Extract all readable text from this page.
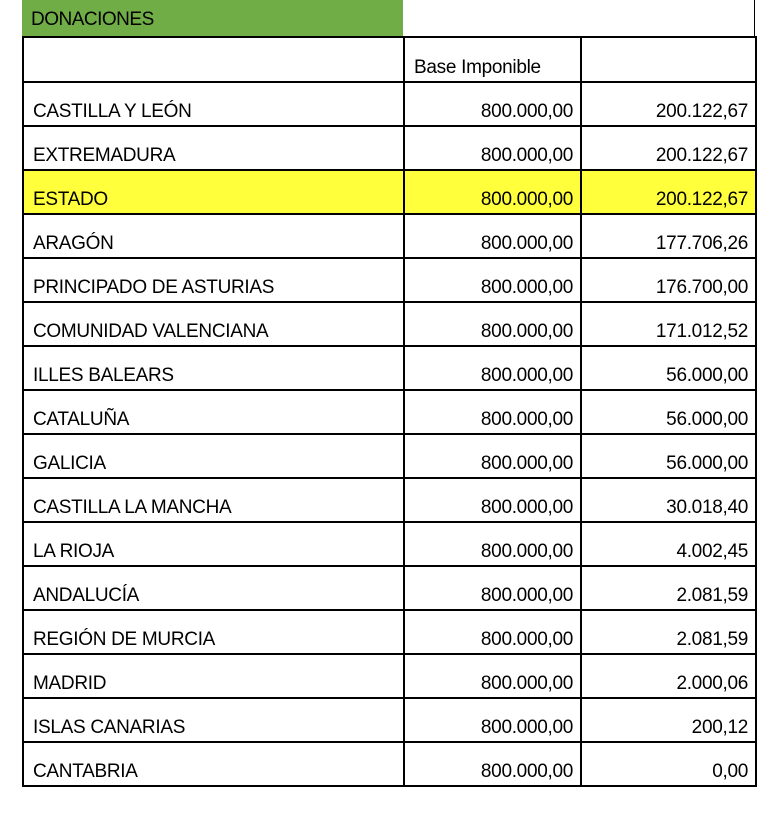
DONACIONES
	Base Imponible	
CASTILLA Y LEÓN	800.000,00	200.122,67
EXTREMADURA	800.000,00	200.122,67
ESTADO	800.000,00	200.122,67
ARAGÓN	800.000,00	177.706,26
PRINCIPADO DE ASTURIAS	800.000,00	176.700,00
COMUNIDAD VALENCIANA	800.000,00	171.012,52
ILLES BALEARS	800.000,00	56.000,00
CATALUÑA	800.000,00	56.000,00
GALICIA	800.000,00	56.000,00
CASTILLA LA MANCHA	800.000,00	30.018,40
LA RIOJA	800.000,00	4.002,45
ANDALUCÍA	800.000,00	2.081,59
REGIÓN DE MURCIA	800.000,00	2.081,59
MADRID	800.000,00	2.000,06
ISLAS CANARIAS	800.000,00	200,12
CANTABRIA	800.000,00	0,00
